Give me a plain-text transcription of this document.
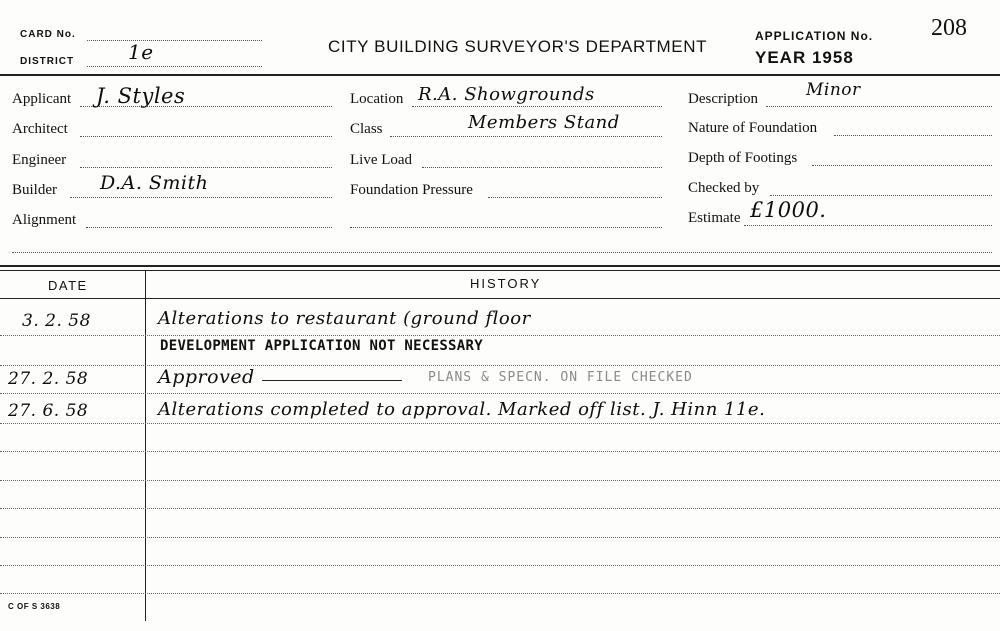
CARD No.
DISTRICT	1e	CITY BUILDING SURVEYOR'S DEPARTMENT
APPLICATION No. 208
YEAR 1958
Applicant J. Styles
Architect
Engineer
Builder D.A. Smith
Alignment
Location R.A. Showgrounds
Class	Members Stand
Live Load
Foundation Pressure
Description	Minor
Nature of Foundation
Depth of Footings
Checked by
Estimate £1000.
DATE	HISTORY
3. 2. 58	Alterations to restaurant (ground floor
DEVELOPMENT APPLICATION NOT NECESSARY
27. 2. 58	Approved	PLANS & SPECN. ON FILE CHECKED
27. 6. 58	Alterations completed to approval. Marked off list. J. Hinn 11e.
C OF S 3638
